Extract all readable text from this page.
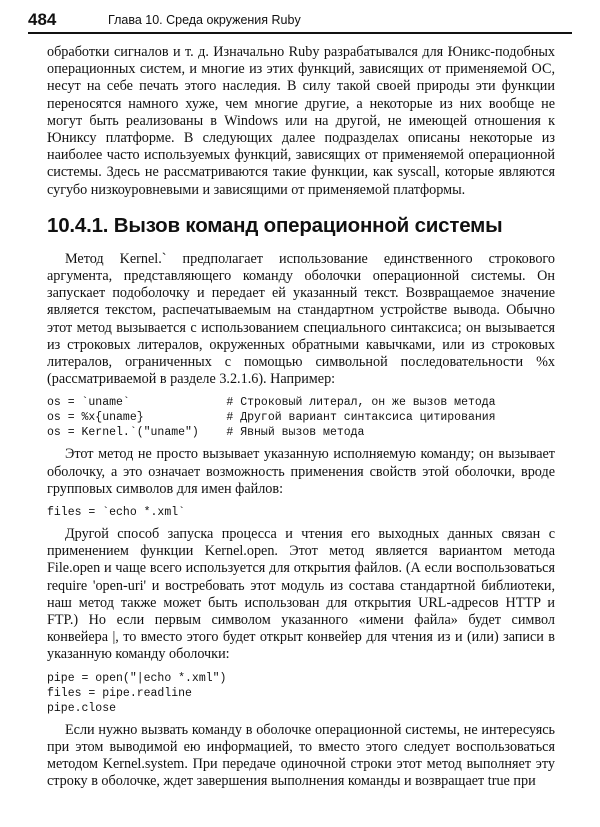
484	Глава 10. Среда окружения Ruby

обработки сигналов и т. д. Изначально Ruby разрабатывался для Юникс-подобных операционных систем, и многие из этих функций, зависящих от применяемой ОС, несут на себе печать этого наследия. В силу такой своей природы эти функции переносятся намного хуже, чем многие другие, а некоторые из них вообще не могут быть реализованы в Windows или на другой, не имеющей отношения к Юниксу платформе. В следующих далее подразделах описаны некоторые из наиболее часто используемых функций, зависящих от применяемой операционной системы. Здесь не рассматриваются такие функции, как syscall, которые являются сугубо низкоуровневыми и зависящими от применяемой платформы.

10.4.1. Вызов команд операционной системы

Метод Kernel.` предполагает использование единственного строкового аргумента, представляющего команду оболочки операционной системы. Он запускает подоболочку и передает ей указанный текст. Возвращаемое значение является текстом, распечатываемым на стандартном устройстве вывода. Обычно этот метод вызывается с использованием специального синтаксиса; он вызывается из строковых литералов, окруженных обратными кавычками, или из строковых литералов, ограниченных с помощью символьной последовательности %x (рассматриваемой в разделе 3.2.1.6). Например:

os = `uname`              # Строковый литерал, он же вызов метода
os = %x{uname}            # Другой вариант синтаксиса цитирования
os = Kernel.`("uname")    # Явный вызов метода

Этот метод не просто вызывает указанную исполняемую команду; он вызывает оболочку, а это означает возможность применения свойств этой оболочки, вроде групповых символов для имен файлов:

files = `echo *.xml`

Другой способ запуска процесса и чтения его выходных данных связан с применением функции Kernel.open. Этот метод является вариантом метода File.open и чаще всего используется для открытия файлов. (А если воспользоваться require 'open-uri' и востребовать этот модуль из состава стандартной библиотеки, наш метод также может быть использован для открытия URL-адресов HTTP и FTP.) Но если первым символом указанного «имени файла» будет символ конвейера |, то вместо этого будет открыт конвейер для чтения из и (или) записи в указанную команду оболочки:

pipe = open("|echo *.xml")
files = pipe.readline
pipe.close

Если нужно вызвать команду в оболочке операционной системы, не интересуясь при этом выводимой ею информацией, то вместо этого следует воспользоваться методом Kernel.system. При передаче одиночной строки этот метод выполняет эту строку в оболочке, ждет завершения выполнения команды и возвращает true при
